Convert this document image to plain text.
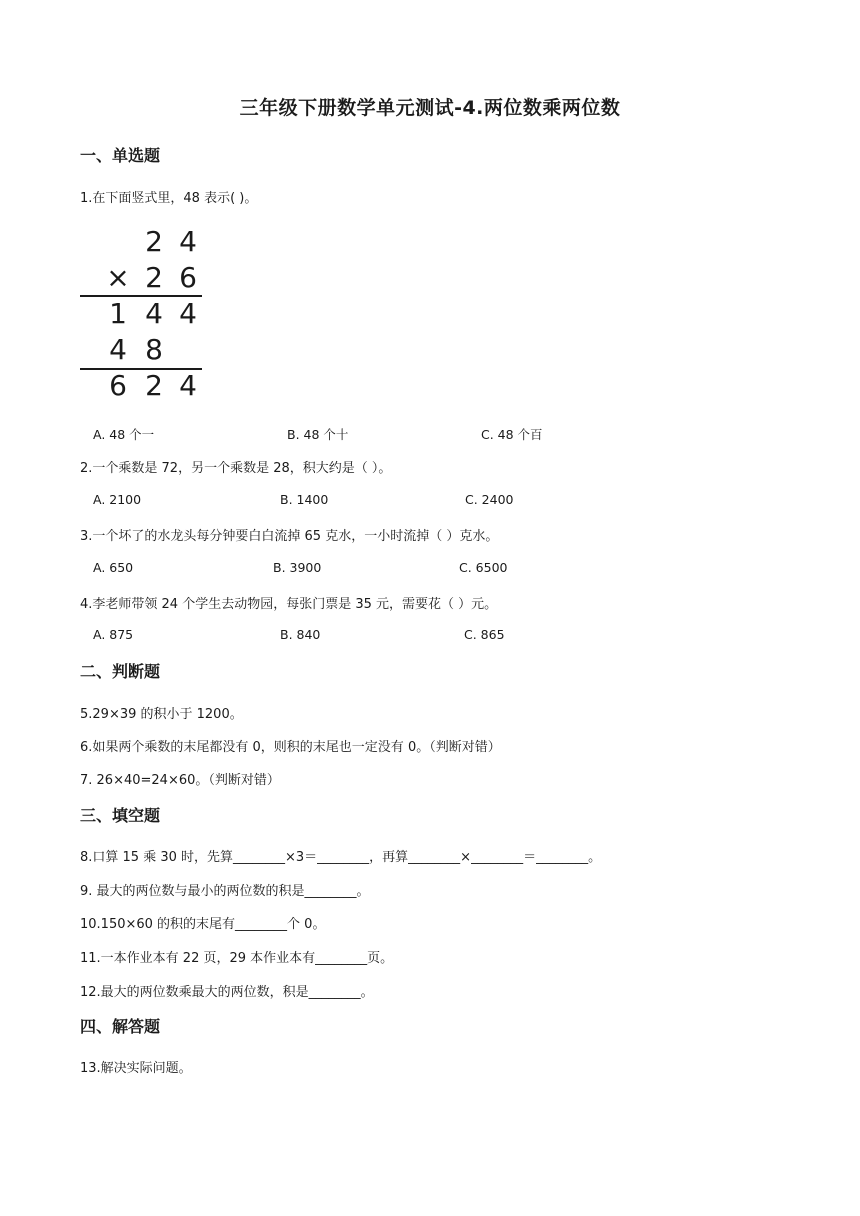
三年级下册数学单元测试-4.两位数乘两位数
一、单选题
1.在下面竖式里，48 表示( )。
2 4
× 2 6
1 4 4
4 8
6 2 4
A. 48 个一	B. 48 个十	C. 48 个百
2.一个乘数是 72，另一个乘数是 28，积大约是（ ）。
A. 2100	B. 1400	C. 2400
3.一个坏了的水龙头每分钟要白白流掉 65 克水，一小时流掉（ ）克水。
A. 650	B. 3900	C. 6500
4.李老师带领 24 个学生去动物园，每张门票是 35 元，需要花（ ）元。
A. 875	B. 840	C. 865
二、判断题
5.29×39 的积小于 1200。
6.如果两个乘数的末尾都没有 0，则积的末尾也一定没有 0。（判断对错）
7. 26×40=24×60。（判断对错）
三、填空题
8.口算 15 乘 30 时，先算________×3＝________，再算________×________＝________。
9. 最大的两位数与最小的两位数的积是________。
10.150×60 的积的末尾有________个 0。
11.一本作业本有 22 页，29 本作业本有________页。
12.最大的两位数乘最大的两位数，积是________。
四、解答题
13.解决实际问题。
